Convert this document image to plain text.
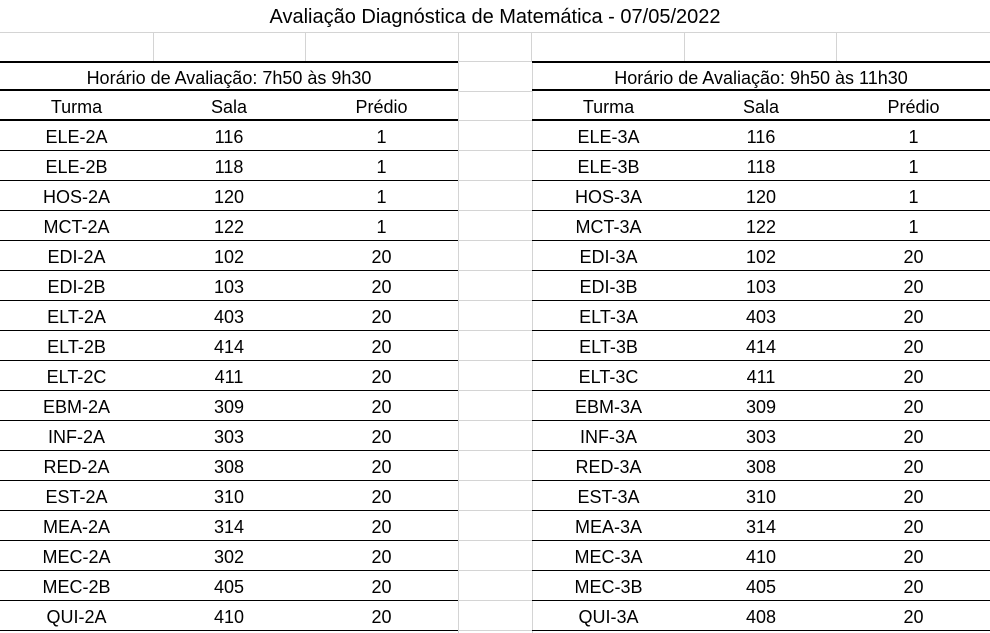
Avaliação Diagnóstica de Matemática - 07/05/2022
Horário de Avaliação: 7h50 às 9h30
Turma	Sala	Prédio
ELE-2A	116	1
ELE-2B	118	1
HOS-2A	120	1
MCT-2A	122	1
EDI-2A	102	20
EDI-2B	103	20
ELT-2A	403	20
ELT-2B	414	20
ELT-2C	411	20
EBM-2A	309	20
INF-2A	303	20
RED-2A	308	20
EST-2A	310	20
MEA-2A	314	20
MEC-2A	302	20
MEC-2B	405	20
QUI-2A	410	20
Horário de Avaliação: 9h50 às 11h30
Turma	Sala	Prédio
ELE-3A	116	1
ELE-3B	118	1
HOS-3A	120	1
MCT-3A	122	1
EDI-3A	102	20
EDI-3B	103	20
ELT-3A	403	20
ELT-3B	414	20
ELT-3C	411	20
EBM-3A	309	20
INF-3A	303	20
RED-3A	308	20
EST-3A	310	20
MEA-3A	314	20
MEC-3A	410	20
MEC-3B	405	20
QUI-3A	408	20
